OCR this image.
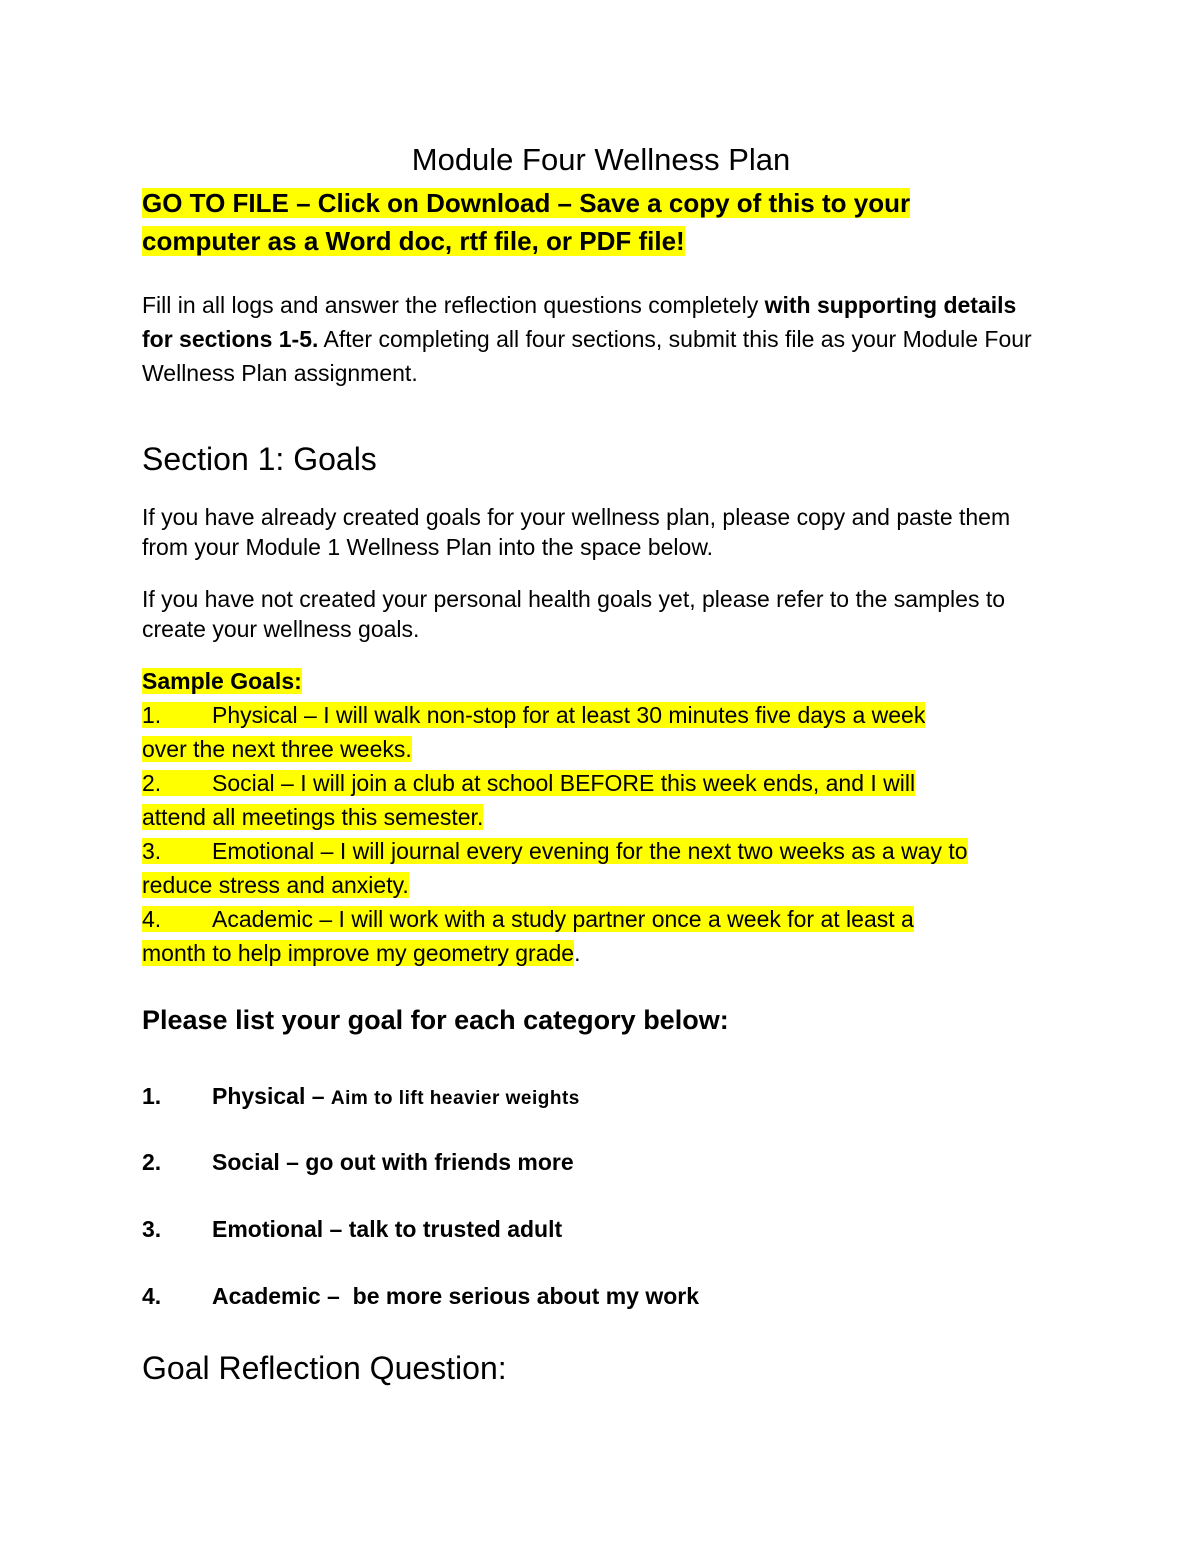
Module Four Wellness Plan
GO TO FILE – Click on Download – Save a copy of this to your
computer as a Word doc, rtf file, or PDF file!
Fill in all logs and answer the reflection questions completely with supporting details for sections 1-5. After completing all four sections, submit this file as your Module Four Wellness Plan assignment.
Section 1: Goals

If you have already created goals for your wellness plan, please copy and paste them from your Module 1 Wellness Plan into the space below.

If you have not created your personal health goals yet, please refer to the samples to create your wellness goals.

Sample Goals:
1. Physical – I will walk non-stop for at least 30 minutes five days a week
over the next three weeks.
2. Social – I will join a club at school BEFORE this week ends, and I will
attend all meetings this semester.
3. Emotional – I will journal every evening for the next two weeks as a way to
reduce stress and anxiety.
4. Academic – I will work with a study partner once a week for at least a
month to help improve my geometry grade.
Please list your goal for each category below:
1. Physical – Aim to lift heavier weights
2. Social – go out with friends more
3. Emotional – talk to trusted adult
4. Academic –  be more serious about my work
Goal Reflection Question:
